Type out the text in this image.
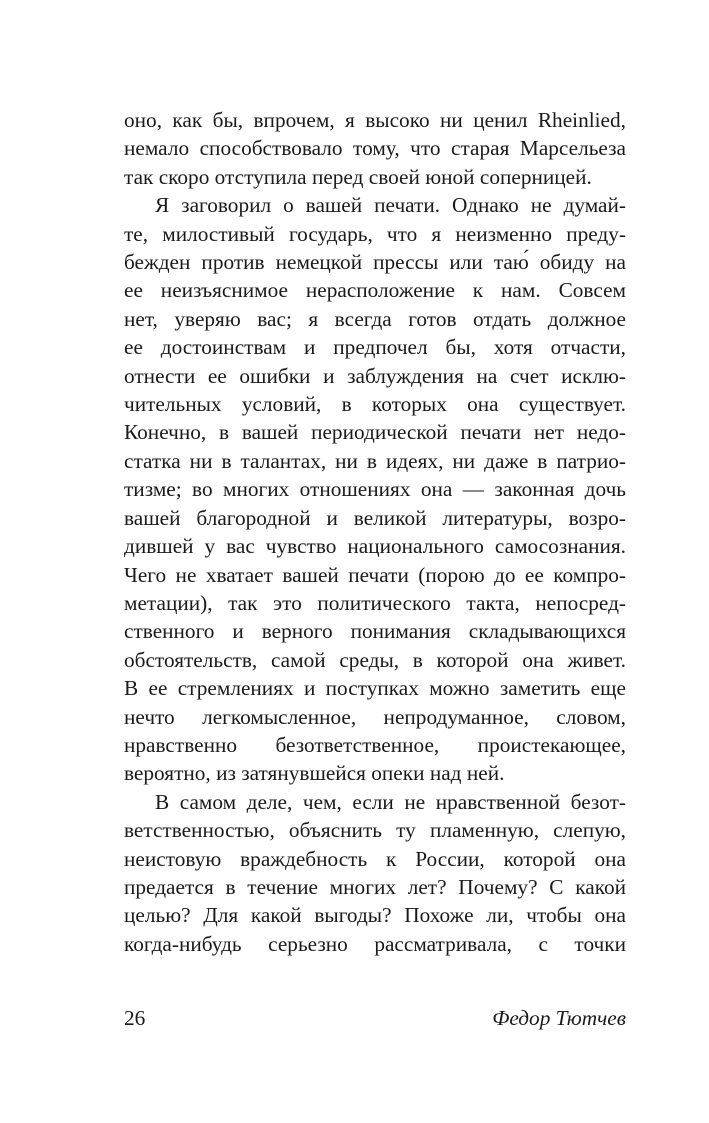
оно, как бы, впрочем, я высоко ни ценил Rheinlied,
немало способствовало тому, что старая Марсельеза
так скоро отступила перед своей юной соперницей.
Я заговорил о вашей печати. Однако не думай-
те, милостивый государь, что я неизменно преду-
бежден против немецкой прессы или таю́ обиду на
ее неизъяснимое нерасположение к нам. Совсем
нет, уверяю вас; я всегда готов отдать должное
ее достоинствам и предпочел бы, хотя отчасти,
отнести ее ошибки и заблуждения на счет исклю-
чительных условий, в которых она существует.
Конечно, в вашей периодической печати нет недо-
статка ни в талантах, ни в идеях, ни даже в патрио-
тизме; во многих отношениях она — законная дочь
вашей благородной и великой литературы, возро-
дившей у вас чувство национального самосознания.
Чего не хватает вашей печати (порою до ее компро-
метации), так это политического такта, непосред-
ственного и верного понимания складывающихся
обстоятельств, самой среды, в которой она живет.
В ее стремлениях и поступках можно заметить еще
нечто легкомысленное, непродуманное, словом,
нравственно безответственное, проистекающее,
вероятно, из затянувшейся опеки над ней.
В самом деле, чем, если не нравственной безот-
ветственностью, объяснить ту пламенную, слепую,
неистовую враждебность к России, которой она
предается в течение многих лет? Почему? С какой
целью? Для какой выгоды? Похоже ли, чтобы она
когда-нибудь серьезно рассматривала, с точки
26	Федор Тютчев
